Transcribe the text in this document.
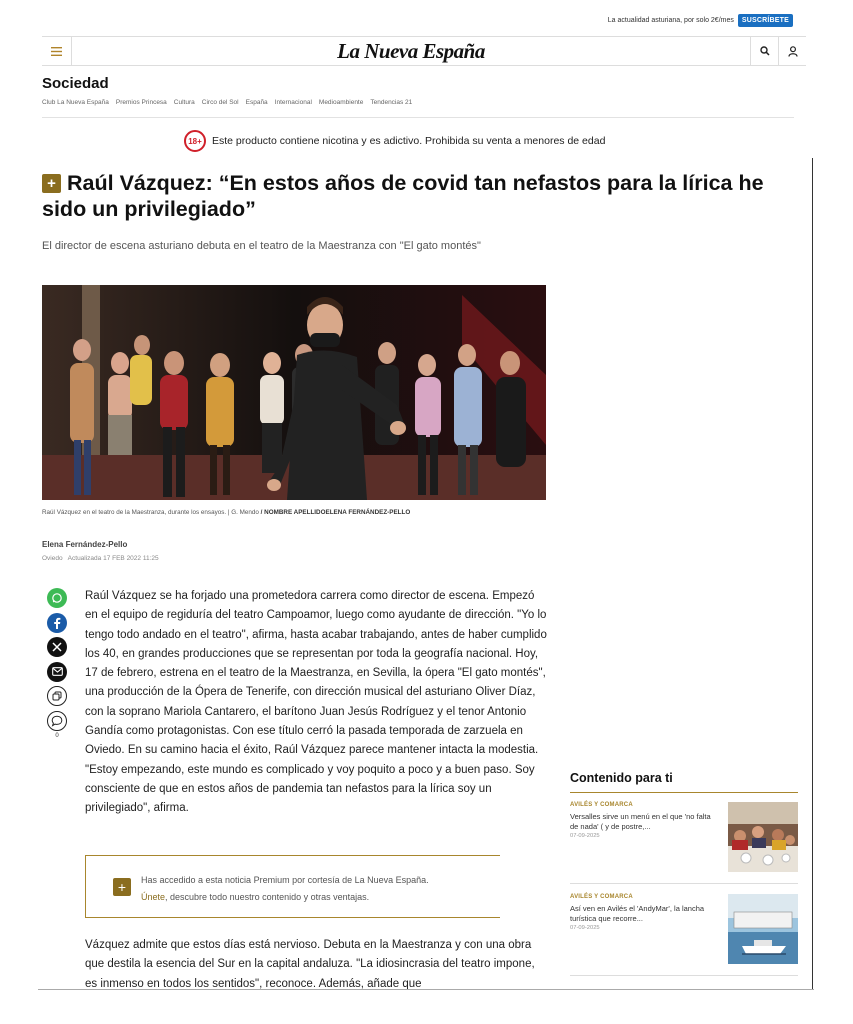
La actualidad asturiana, por solo 2€/mes	SUSCRÍBETE
La Nueva España
Sociedad
Club La Nueva España Premios Princesa Cultura Circo del Sol España Internacional Medioambiente Tendencias 21
18+ Este producto contiene nicotina y es adictivo. Prohibida su venta a menores de edad
+ Raúl Vázquez: “En estos años de covid tan nefastos para la lírica he sido un privilegiado”
El director de escena asturiano debuta en el teatro de la Maestranza con "El gato montés"
Raúl Vázquez en el teatro de la Maestranza, durante los ensayos. | G. Mendo / NOMBRE APELLIDOELENA FERNÁNDEZ-PELLO
Elena Fernández-Pello
Oviedo Actualizada 17 FEB 2022 11:25
0

Raúl Vázquez se ha forjado una prometedora carrera como director de escena. Empezó en el equipo de regiduría del teatro Campoamor, luego como ayudante de dirección. "Yo lo tengo todo andado en el teatro", afirma, hasta acabar trabajando, antes de haber cumplido los 40, en grandes producciones que se representan por toda la geografía nacional. Hoy, 17 de febrero, estrena en el teatro de la Maestranza, en Sevilla, la ópera "El gato montés", una producción de la Ópera de Tenerife, con dirección musical del asturiano Oliver Díaz, con la soprano Mariola Cantarero, el barítono Juan Jesús Rodríguez y el tenor Antonio Gandía como protagonistas. Con ese título cerró la pasada temporada de zarzuela en Oviedo. En su camino hacia el éxito, Raúl Vázquez parece mantener intacta la modestia. "Estoy empezando, este mundo es complicado y voy poquito a poco y a buen paso. Soy consciente de que en estos años de pandemia tan nefastos para la lírica soy un privilegiado", afirma.

+	Has accedido a esta noticia Premium por cortesía de La Nueva España.
Únete, descubre todo nuestro contenido y otras ventajas.

Vázquez admite que estos días está nervioso. Debuta en la Maestranza y con una obra que destila la esencia del Sur en la capital andaluza. "La idiosincrasia del teatro impone, es inmenso en todos los sentidos", reconoce. Además, añade que

Contenido para ti
AVILÉS Y COMARCA
Versalles sirve un menú en el que 'no falta de nada' ( y de postre,...
07-09-2025
AVILÉS Y COMARCA
Así ven en Avilés el 'AndyMar', la lancha turística que recorre...
07-09-2025
